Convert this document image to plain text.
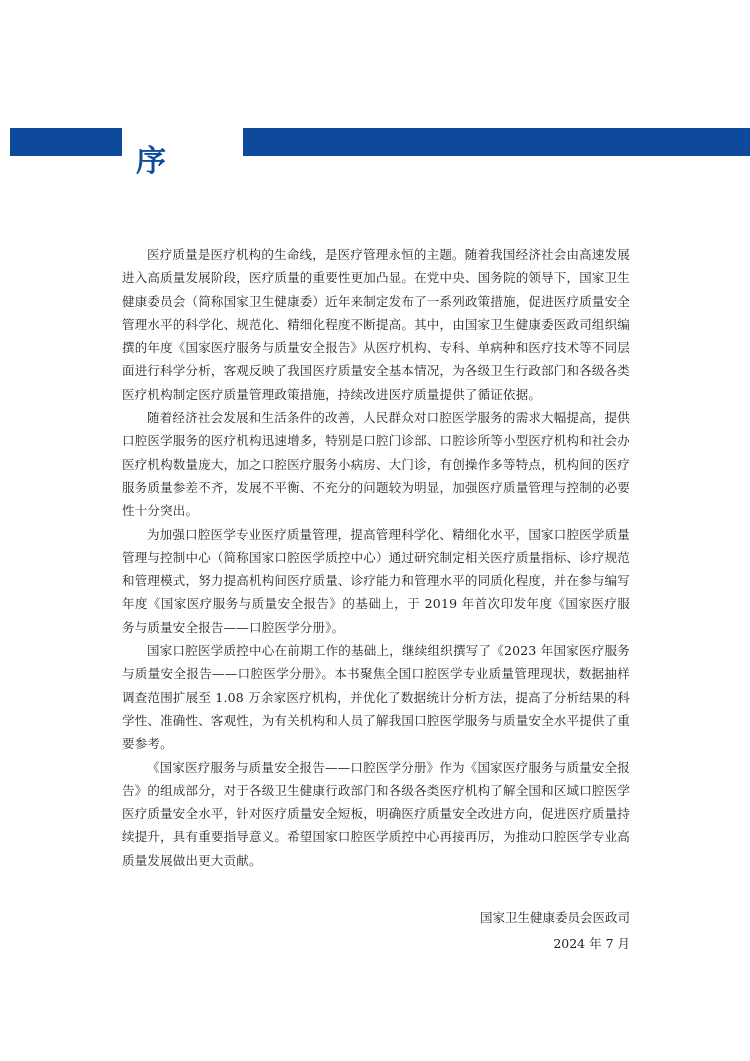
序

医疗质量是医疗机构的生命线，是医疗管理永恒的主题。随着我国经济社会由高速发展进入高质量发展阶段，医疗质量的重要性更加凸显。在党中央、国务院的领导下，国家卫生健康委员会（简称国家卫生健康委）近年来制定发布了一系列政策措施，促进医疗质量安全管理水平的科学化、规范化、精细化程度不断提高。其中，由国家卫生健康委医政司组织编撰的年度《国家医疗服务与质量安全报告》从医疗机构、专科、单病种和医疗技术等不同层面进行科学分析，客观反映了我国医疗质量安全基本情况，为各级卫生行政部门和各级各类医疗机构制定医疗质量管理政策措施，持续改进医疗质量提供了循证依据。

随着经济社会发展和生活条件的改善，人民群众对口腔医学服务的需求大幅提高，提供口腔医学服务的医疗机构迅速增多，特别是口腔门诊部、口腔诊所等小型医疗机构和社会办医疗机构数量庞大，加之口腔医疗服务小病房、大门诊，有创操作多等特点，机构间的医疗服务质量参差不齐，发展不平衡、不充分的问题较为明显，加强医疗质量管理与控制的必要性十分突出。

为加强口腔医学专业医疗质量管理，提高管理科学化、精细化水平，国家口腔医学质量管理与控制中心（简称国家口腔医学质控中心）通过研究制定相关医疗质量指标、诊疗规范和管理模式，努力提高机构间医疗质量、诊疗能力和管理水平的同质化程度，并在参与编写年度《国家医疗服务与质量安全报告》的基础上，于 2019 年首次印发年度《国家医疗服务与质量安全报告——口腔医学分册》。

国家口腔医学质控中心在前期工作的基础上，继续组织撰写了《2023 年国家医疗服务与质量安全报告——口腔医学分册》。本书聚焦全国口腔医学专业质量管理现状，数据抽样调查范围扩展至 1.08 万余家医疗机构，并优化了数据统计分析方法，提高了分析结果的科学性、准确性、客观性，为有关机构和人员了解我国口腔医学服务与质量安全水平提供了重要参考。

《国家医疗服务与质量安全报告——口腔医学分册》作为《国家医疗服务与质量安全报告》的组成部分，对于各级卫生健康行政部门和各级各类医疗机构了解全国和区域口腔医学医疗质量安全水平，针对医疗质量安全短板，明确医疗质量安全改进方向，促进医疗质量持续提升，具有重要指导意义。希望国家口腔医学质控中心再接再厉，为推动口腔医学专业高质量发展做出更大贡献。

国家卫生健康委员会医政司
2024 年 7 月
